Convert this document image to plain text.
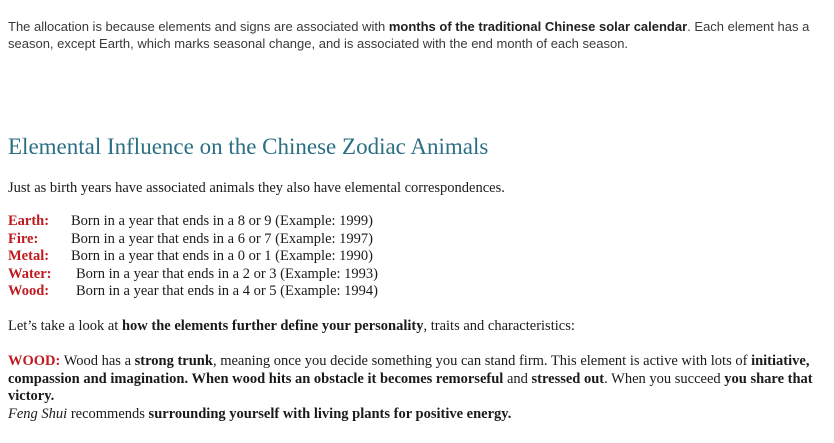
The allocation is because elements and signs are associated with months of the traditional Chinese solar calendar. Each element has a season, except Earth, which marks seasonal change, and is associated with the end month of each season.

Elemental Influence on the Chinese Zodiac Animals

Just as birth years have associated animals they also have elemental correspondences.

Earth: Born in a year that ends in a 8 or 9 (Example: 1999)
Fire: Born in a year that ends in a 6 or 7 (Example: 1997)
Metal: Born in a year that ends in a 0 or 1 (Example: 1990)
Water: Born in a year that ends in a 2 or 3 (Example: 1993)
Wood: Born in a year that ends in a 4 or 5 (Example: 1994)

Let’s take a look at how the elements further define your personality, traits and characteristics:

WOOD: Wood has a strong trunk, meaning once you decide something you can stand firm. This element is active with lots of initiative, compassion and imagination. When wood hits an obstacle it becomes remorseful and stressed out. When you succeed you share that victory.
Feng Shui recommends surrounding yourself with living plants for positive energy.
